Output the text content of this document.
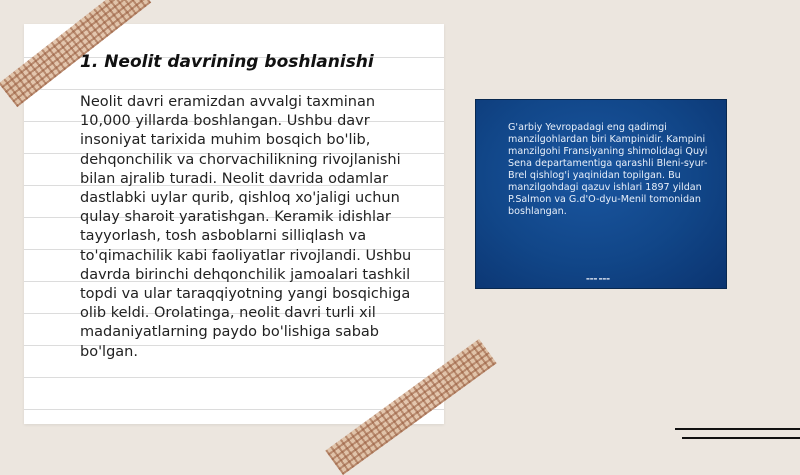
1. Neolit davrining boshlanishi

Neolit davri eramizdan avvalgi taxminan 10,000 yillarda boshlangan. Ushbu davr insoniyat tarixida muhim bosqich bo'lib, dehqonchilik va chorvachilikning rivojlanishi bilan ajralib turadi. Neolit davrida odamlar dastlabki uylar qurib, qishloq xo'jaligi uchun qulay sharoit yaratishgan. Keramik idishlar tayyorlash, tosh asboblarni silliqlash va to'qimachilik kabi faoliyatlar rivojlandi. Ushbu davrda birinchi dehqonchilik jamoalari tashkil topdi va ular taraqqiyotning yangi bosqichiga olib keldi. Orolatinga, neolit davri turli xil madaniyatlarning paydo bo'lishiga sabab bo'lgan.

G'arbiy Yevropadagi eng qadimgi manzilgohlardan biri Kampinidir. Kampini manzilgohi Fransiyaning shimolidagi Quyi Sena departamentiga qarashli Bleni-syur-Brel qishlog'i yaqinidan topilgan. Bu manzilgohdagi qazuv ishlari 1897 yildan P.Salmon va G.d'O-dyu-Menil tomonidan boshlangan.

▬▬▬ ▬▬▬
